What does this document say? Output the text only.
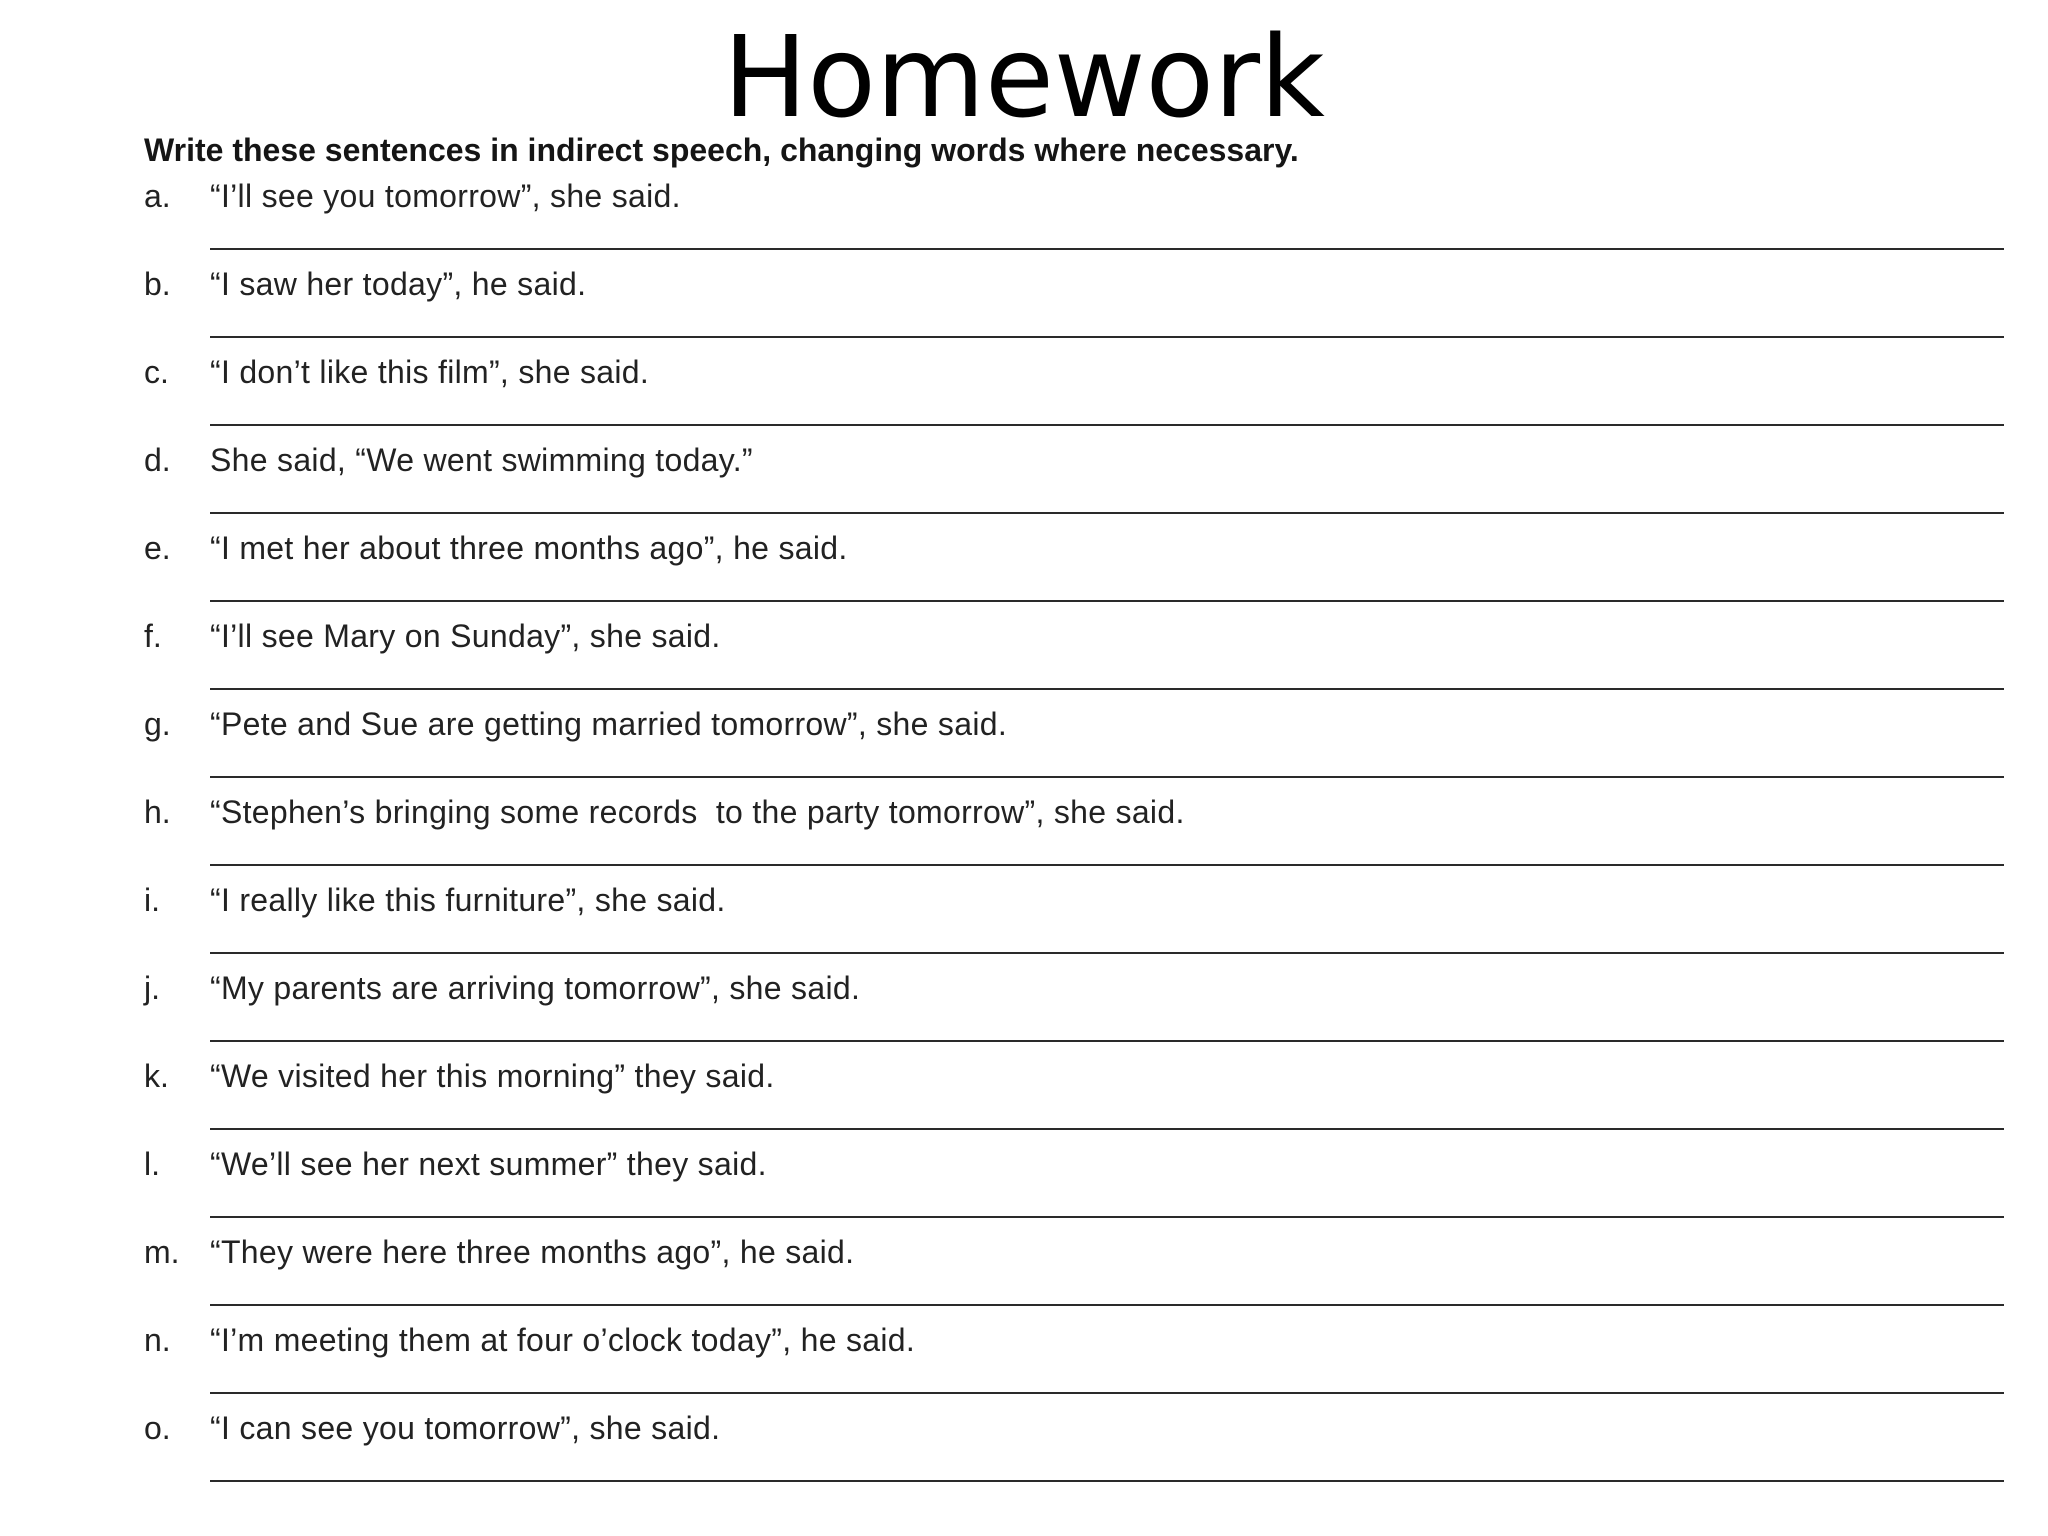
Homework

Write these sentences in indirect speech, changing words where necessary.

a.	“I’ll see you tomorrow”, she said.
b.	“I saw her today”, he said.
c.	“I don’t like this film”, she said.
d.	She said, “We went swimming today.”
e.	“I met her about three months ago”, he said.
f.	“I’ll see Mary on Sunday”, she said.
g.	“Pete and Sue are getting married tomorrow”, she said.
h.	“Stephen’s bringing some records  to the party tomorrow”, she said.
i.	“I really like this furniture”, she said.
j.	“My parents are arriving tomorrow”, she said.
k.	“We visited her this morning” they said.
l.	“We’ll see her next summer” they said.
m. “They were here three months ago”, he said.
n.	“I’m meeting them at four o’clock today”, he said.
o.	“I can see you tomorrow”, she said.
